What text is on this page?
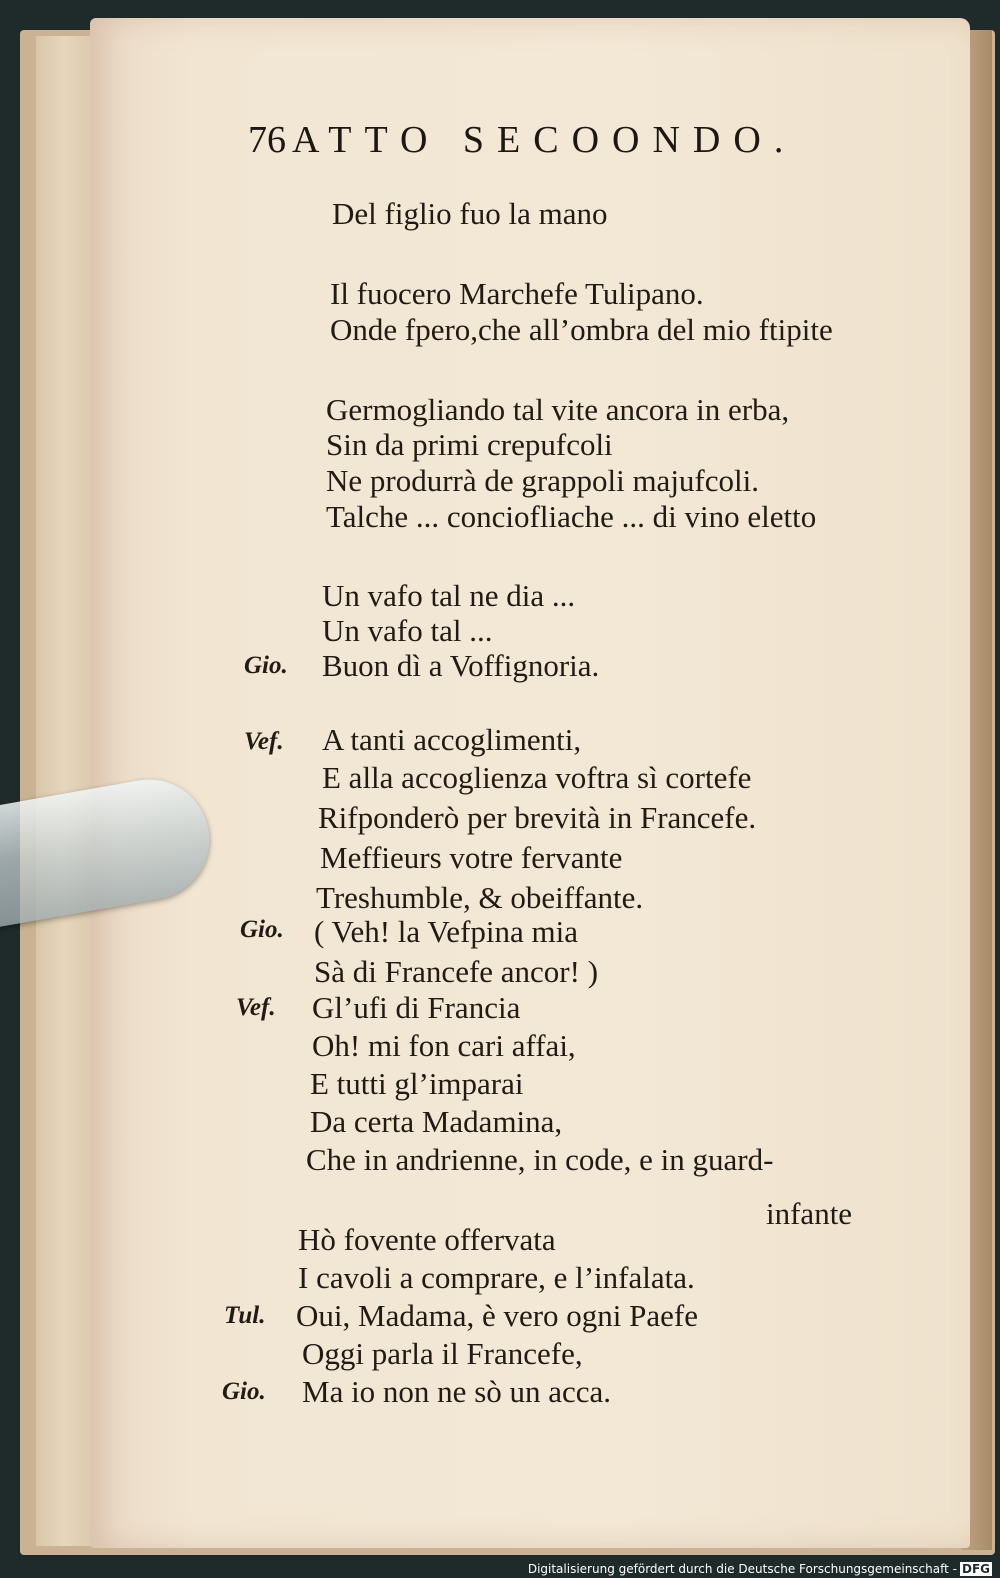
76 ATTO SECOONDO.
Del figlio fuo la mano
Il fuocero Marchefe Tulipano.
Onde fpero,che all’ombra del mio ftipite
Germogliando tal vite ancora in erba,
Sin da primi crepufcoli
Ne produrrà de grappoli majufcoli.
Talche ... conciofliache ... di vino eletto
Un vafo tal ne dia ...
Un vafo tal ...
Gio. Buon dì a Voffignoria.
Vef. A tanti accoglimenti,
E alla accoglienza voftra sì cortefe
Rifponderò per brevità in Francefe.
Meffieurs votre fervante
Treshumble, & obeiffante.
Gio. ( Veh! la Vefpina mia
Sà di Francefe ancor! )
Vef. Gl’ufi di Francia
Oh! mi fon cari affai,
E tutti gl’imparai
Da certa Madamina,
Che in andrienne, in code, e in guard-
infante
Hò fovente offervata
I cavoli a comprare, e l’infalata.
Tul. Oui, Madama, è vero ogni Paefe
Oggi parla il Francefe,
Gio. Ma io non ne sò un acca.
Digitalisierung gefördert durch die Deutsche Forschungsgemeinschaft - DFG
